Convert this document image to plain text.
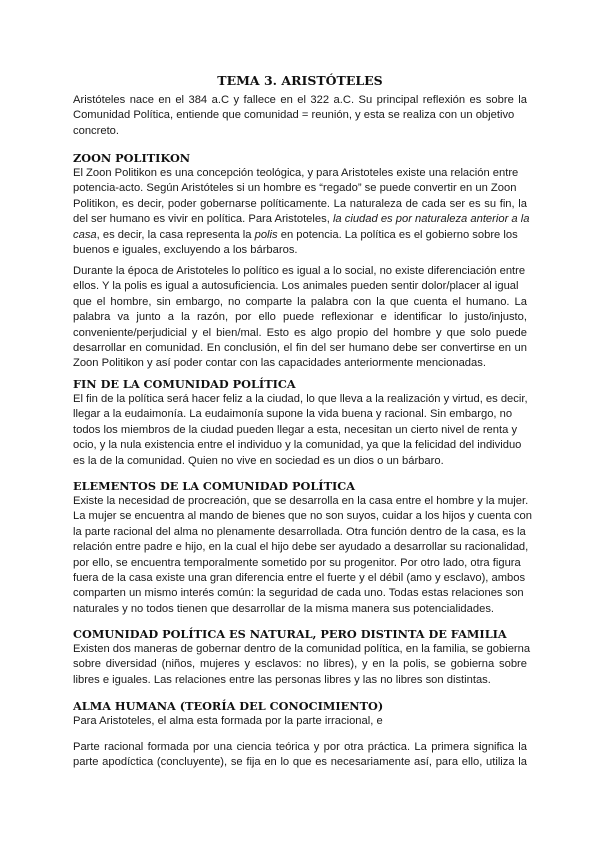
TEMA 3. ARISTÓTELES

Aristóteles nace en el 384 a.C y fallece en el 322 a.C. Su principal reflexión es sobre la
Comunidad Política, entiende que comunidad = reunión, y esta se realiza con un objetivo
concreto.

ZOON POLITIKON

El Zoon Politikon es una concepción teológica, y para Aristoteles existe una relación entre
potencia-acto. Según Aristóteles si un hombre es “regado” se puede convertir en un Zoon
Politikon, es decir, poder gobernarse políticamente. La naturaleza de cada ser es su fin, la
del ser humano es vivir en política. Para Aristoteles, la ciudad es por naturaleza anterior a la
casa, es decir, la casa representa la polis en potencia. La política es el gobierno sobre los
buenos e iguales, excluyendo a los bárbaros.

Durante la época de Aristoteles lo político es igual a lo social, no existe diferenciación entre
ellos. Y la polis es igual a autosuficiencia. Los animales pueden sentir dolor/placer al igual
que el hombre, sin embargo, no comparte la palabra con la que cuenta el humano. La
palabra va junto a la razón, por ello puede reflexionar e identificar lo justo/injusto,
conveniente/perjudicial y el bien/mal. Esto es algo propio del hombre y que solo puede
desarrollar en comunidad. En conclusión, el fin del ser humano debe ser convertirse en un
Zoon Politikon y así poder contar con las capacidades anteriormente mencionadas.

FIN DE LA COMUNIDAD POLÍTICA

El fin de la política será hacer feliz a la ciudad, lo que lleva a la realización y virtud, es decir,
llegar a la eudaimonía. La eudaimonía supone la vida buena y racional. Sin embargo, no
todos los miembros de la ciudad pueden llegar a esta, necesitan un cierto nivel de renta y
ocio, y la nula existencia entre el individuo y la comunidad, ya que la felicidad del individuo
es la de la comunidad. Quien no vive en sociedad es un dios o un bárbaro.

ELEMENTOS DE LA COMUNIDAD POLÍTICA

Existe la necesidad de procreación, que se desarrolla en la casa entre el hombre y la mujer.
La mujer se encuentra al mando de bienes que no son suyos, cuidar a los hijos y cuenta con
la parte racional del alma no plenamente desarrollada. Otra función dentro de la casa, es la
relación entre padre e hijo, en la cual el hijo debe ser ayudado a desarrollar su racionalidad,
por ello, se encuentra temporalmente sometido por su progenitor. Por otro lado, otra figura
fuera de la casa existe una gran diferencia entre el fuerte y el débil (amo y esclavo), ambos
comparten un mismo interés común: la seguridad de cada uno. Todas estas relaciones son
naturales y no todos tienen que desarrollar de la misma manera sus potencialidades.

COMUNIDAD POLÍTICA ES NATURAL, PERO DISTINTA DE FAMILIA

Existen dos maneras de gobernar dentro de la comunidad política, en la familia, se gobierna
sobre diversidad (niños, mujeres y esclavos: no libres), y en la polis, se gobierna sobre
libres e iguales. Las relaciones entre las personas libres y las no libres son distintas.

ALMA HUMANA (TEORÍA DEL CONOCIMIENTO)

Para Aristoteles, el alma esta formada por la parte irracional, e

Parte racional formada por una ciencia teórica y por otra práctica. La primera significa la
parte apodíctica (concluyente), se fija en lo que es necesariamente así, para ello, utiliza la
